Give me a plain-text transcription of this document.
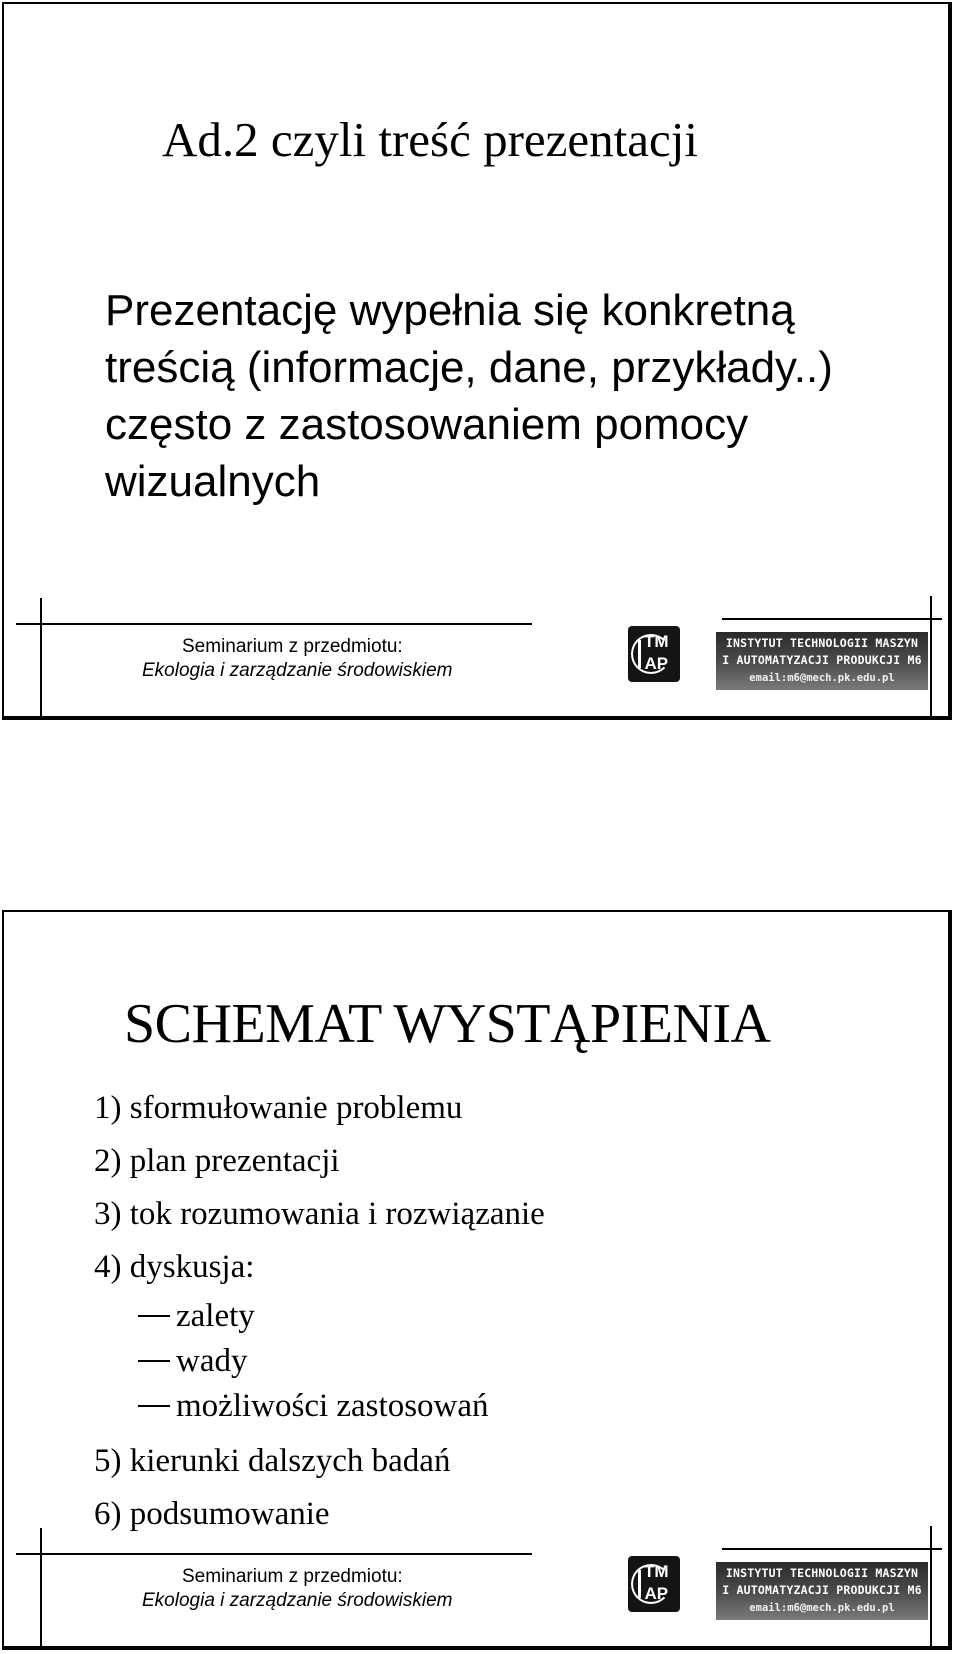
Ad.2 czyli treść prezentacji
Prezentację wypełnia się konkretną
treścią (informacje, dane, przykłady..)
często z zastosowaniem pomocy
wizualnych
Seminarium z przedmiotu:
Ekologia i zarządzanie środowiskiem
TM
AP
INSTYTUT TECHNOLOGII MASZYN
I AUTOMATYZACJI PRODUKCJI M6
email:m6@mech.pk.edu.pl
SCHEMAT WYSTĄPIENIA
1) sformułowanie problemu
2) plan prezentacji
3) tok rozumowania i rozwiązanie
4) dyskusja:
zalety
wady
możliwości zastosowań
5) kierunki dalszych badań
6) podsumowanie
Seminarium z przedmiotu:
Ekologia i zarządzanie środowiskiem
TM
AP
INSTYTUT TECHNOLOGII MASZYN
I AUTOMATYZACJI PRODUKCJI M6
email:m6@mech.pk.edu.pl
